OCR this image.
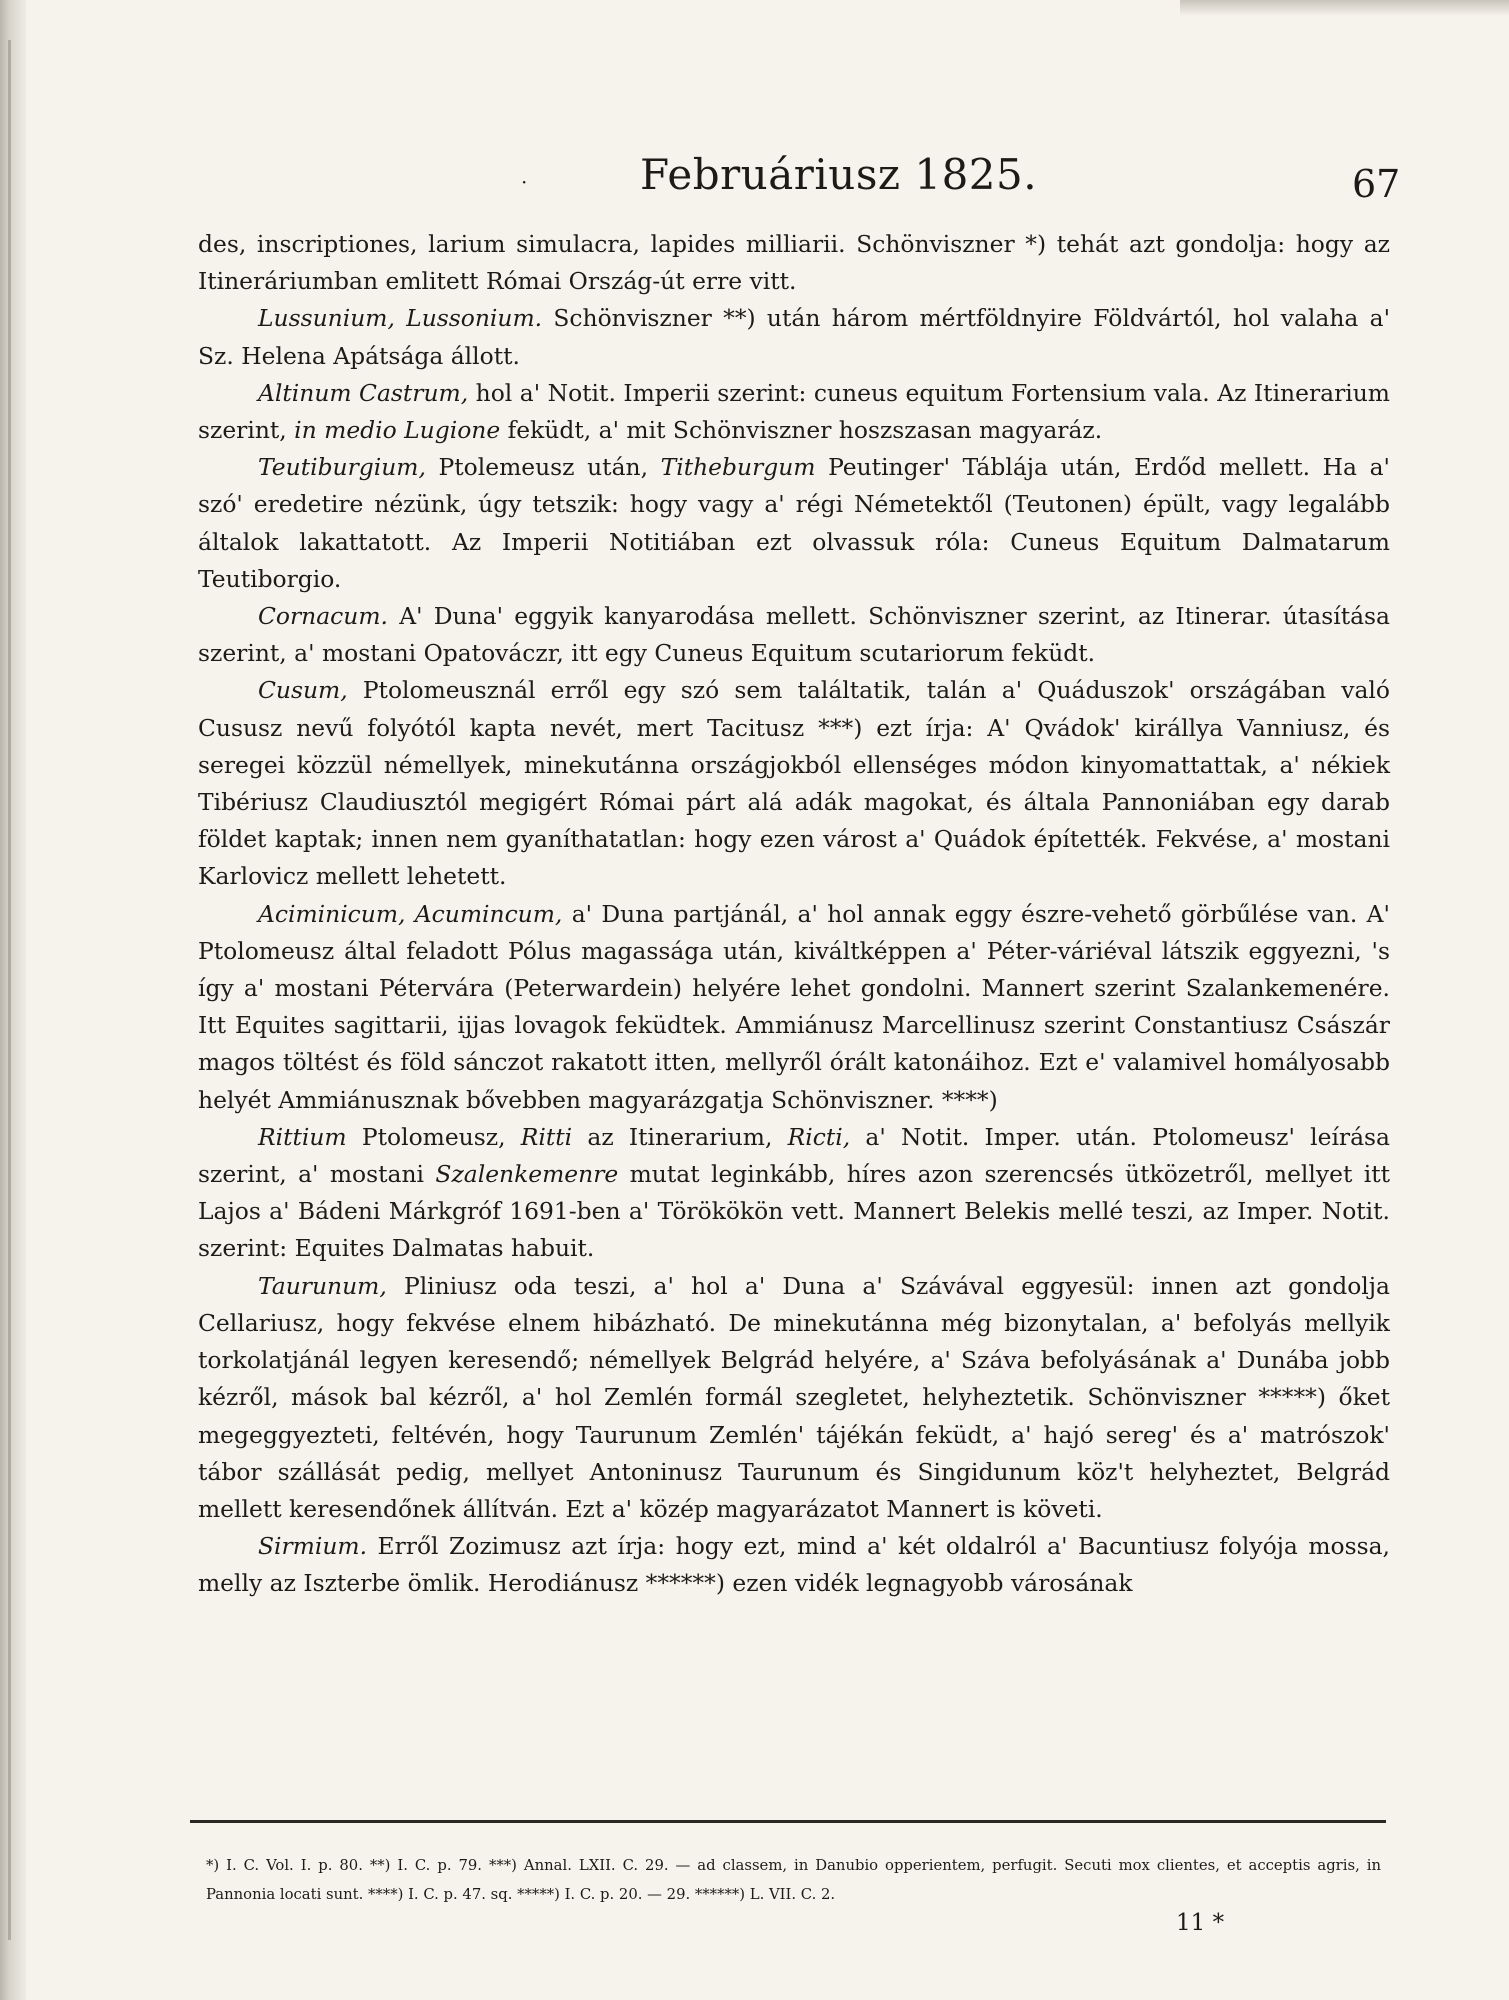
·	Februáriusz 1825.	67

des, inscriptiones, larium simulacra, lapides milliarii. Schönviszner *) tehát azt gondolja: hogy az Itineráriumban emlitett Római Ország-út erre vitt.

Lussunium, Lussonium. Schönviszner **) után három mértföldnyire Földvártól, hol valaha a' Sz. Helena Apátsága állott.

Altinum Castrum, hol a' Notit. Imperii szerint: cuneus equitum Fortensium vala. Az Itinerarium szerint, in medio Lugione feküdt, a' mit Schönviszner hoszszasan magyaráz.

Teutiburgium, Ptolemeusz után, Titheburgum Peutinger' Táblája után, Erdőd mellett. Ha a' szó' eredetire nézünk, úgy tetszik: hogy vagy a' régi Németektől (Teutonen) épült, vagy legalább általok lakattatott. Az Imperii Notitiában ezt olvassuk róla: Cuneus Equitum Dalmatarum Teutiborgio.

Cornacum. A' Duna' eggyik kanyarodása mellett. Schönviszner szerint, az Itinerar. útasítása szerint, a' mostani Opatováczr, itt egy Cuneus Equitum scutariorum feküdt.

Cusum, Ptolomeusznál erről egy szó sem találtatik, talán a' Quáduszok' országában való Cususz nevű folyótól kapta nevét, mert Tacitusz ***) ezt írja: A' Qvádok' királlya Vanniusz, és seregei közzül némellyek, minekutánna országjokból ellenséges módon kinyomattattak, a' nékiek Tibériusz Claudiusztól megigért Római párt alá adák magokat, és általa Pannoniában egy darab földet kaptak; innen nem gyaníthatatlan: hogy ezen várost a' Quádok építették. Fekvése, a' mostani Karlovicz mellett lehetett.

Aciminicum, Acumincum, a' Duna partjánál, a' hol annak eggy észre-vehető görbűlése van. A' Ptolomeusz által feladott Pólus magassága után, kiváltképpen a' Péter-váriéval látszik eggyezni, 's így a' mostani Pétervára (Peterwardein) helyére lehet gondolni. Mannert szerint Szalankemenére. Itt Equites sagittarii, ijjas lovagok feküdtek. Ammiánusz Marcellinusz szerint Constantiusz Császár magos töltést és föld sánczot rakatott itten, mellyről órált katonáihoz. Ezt e' valamivel homályosabb helyét Ammiánusznak bővebben magyarázgatja Schönviszner. ****)

Rittium Ptolomeusz, Ritti az Itinerarium, Ricti, a' Notit. Imper. után. Ptolomeusz' leírása szerint, a' mostani Szalenkemenre mutat leginkább, híres azon szerencsés ütközetről, mellyet itt Lajos a' Bádeni Márkgróf 1691-ben a' Törökökön vett. Mannert Belekis mellé teszi, az Imper. Notit. szerint: Equites Dalmatas habuit.

Taurunum, Pliniusz oda teszi, a' hol a' Duna a' Szávával eggyesül: innen azt gondolja Cellariusz, hogy fekvése elnem hibázható. De minekutánna még bizonytalan, a' befolyás mellyik torkolatjánál legyen keresendő; némellyek Belgrád helyére, a' Száva befolyásának a' Dunába jobb kézről, mások bal kézről, a' hol Zemlén formál szegletet, helyheztetik. Schönviszner *****) őket megeggyezteti, feltévén, hogy Taurunum Zemlén' tájékán feküdt, a' hajó sereg' és a' matrószok' tábor szállását pedig, mellyet Antoninusz Taurunum és Singidunum köz't helyheztet, Belgrád mellett keresendőnek állítván. Ezt a' közép magyarázatot Mannert is követi.

Sirmium. Erről Zozimusz azt írja: hogy ezt, mind a' két oldalról a' Bacuntiusz folyója mossa, melly az Iszterbe ömlik. Herodiánusz ******) ezen vidék legnagyobb városának

*) I. C. Vol. I. p. 80. **) I. C. p. 79. ***) Annal. LXII. C. 29. — ad classem, in Danubio opperientem, perfugit. Secuti mox clientes, et acceptis agris, in Pannonia locati sunt. ****) I. C. p. 47. sq. *****) I. C. p. 20. — 29. ******) L. VII. C. 2.
11 *
